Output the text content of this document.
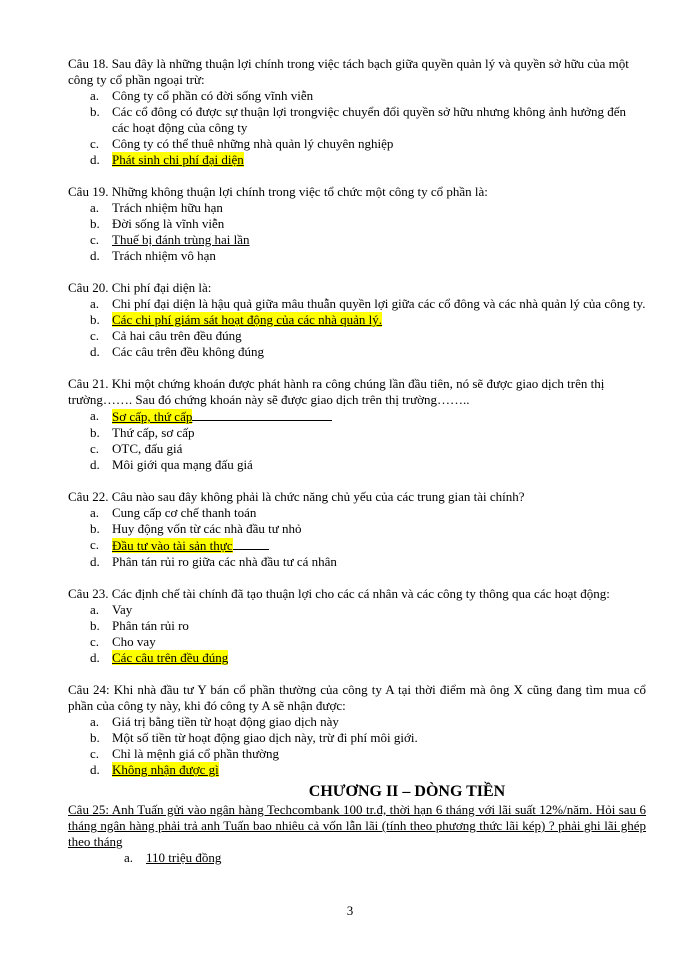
Câu 18. Sau đây là những thuận lợi chính trong việc tách bạch giữa quyền quản lý và quyền sở hữu của một công ty cổ phần ngoại trừ:
a. Công ty cổ phần có đời sống vĩnh viễn
b. Các cổ đông có được sự thuận lợi trongviệc chuyển đổi quyền sở hữu nhưng không ảnh hưởng đến các hoạt động của công ty
c. Công ty có thể thuê những nhà quản lý chuyên nghiệp
d. Phát sinh chi phí đại diện
Câu 19. Những không thuận lợi chính trong việc tổ chức một công ty cổ phần là:
a. Trách nhiệm hữu hạn
b. Đời sống là vĩnh viễn
c. Thuế bị đánh trùng hai lần
d. Trách nhiệm vô hạn
Câu 20. Chi phí đại diện là:
a. Chi phí đại diện là hậu quả giữa mâu thuẫn quyền lợi giữa các cổ đông và các nhà quản lý của công ty.
b. Các chi phí giám sát hoạt động của các nhà quản lý.
c. Cả hai câu trên đều đúng
d. Các câu trên đều không đúng
Câu 21. Khi một chứng khoán được phát hành ra công chúng lần đầu tiên, nó sẽ được giao dịch trên thị trường……. Sau đó chứng khoán này sẽ được giao dịch trên thị trường……..
a. Sơ cấp, thứ cấp
b. Thứ cấp, sơ cấp
c. OTC, đấu giá
d. Môi giới qua mạng đấu giá
Câu 22. Câu nào sau đây không phải là chức năng chủ yếu của các trung gian tài chính?
a. Cung cấp cơ chế thanh toán
b. Huy động vốn từ các nhà đầu tư nhỏ
c. Đầu tư vào tài sản thực
d. Phân tán rủi ro giữa các nhà đầu tư cá nhân
Câu 23. Các định chế tài chính đã tạo thuận lợi cho các cá nhân và các công ty thông qua các hoạt động:
a. Vay
b. Phân tán rủi ro
c. Cho vay
d. Các câu trên đều đúng
Câu 24: Khi nhà đầu tư Y bán cổ phần thường của công ty A tại thời điểm mà ông X cũng đang tìm mua cổ phần của công ty này, khi đó công ty A sẽ nhận được:
a. Giá trị bằng tiền từ hoạt động giao dịch này
b. Một số tiền từ hoạt động giao dịch này, trừ đi phí môi giới.
c. Chỉ là mệnh giá cổ phần thường
d. Không nhận được gì
CHƯƠNG II – DÒNG TIỀN
Câu 25: Anh Tuấn gửi vào ngân hàng Techcombank 100 tr.đ, thời hạn 6 tháng với lãi suất 12%/năm. Hỏi sau 6 tháng ngân hàng phải trả anh Tuấn bao nhiêu cả vốn lẫn lãi (tính theo phương thức lãi kép) ? phải ghi lãi ghép theo tháng
a. 110 triệu đồng
3
